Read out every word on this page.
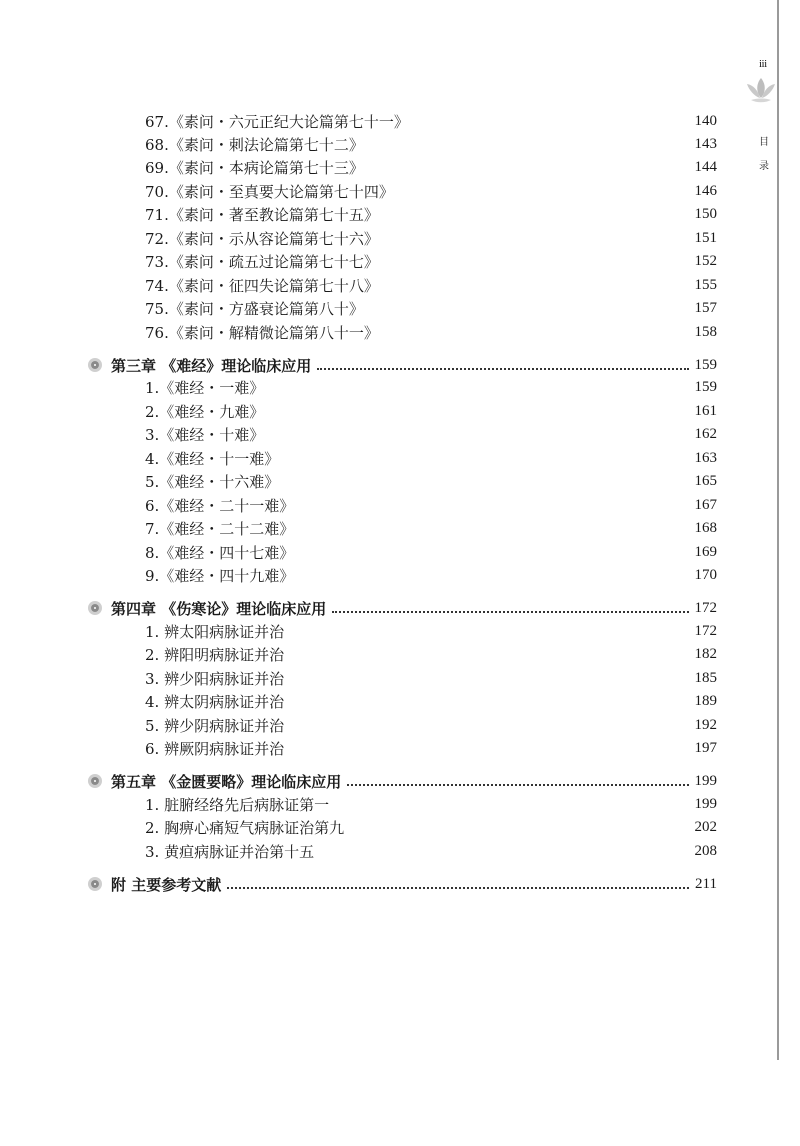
iii
目
录
67.《素问・六元正纪大论篇第七十一》	140
68.《素问・刺法论篇第七十二》	143
69.《素问・本病论篇第七十三》	144
70.《素问・至真要大论篇第七十四》	146
71.《素问・著至教论篇第七十五》	150
72.《素问・示从容论篇第七十六》	151
73.《素问・疏五过论篇第七十七》	152
74.《素问・征四失论篇第七十八》	155
75.《素问・方盛衰论篇第八十》	157
76.《素问・解精微论篇第八十一》	158
第三章 《难经》理论临床应用	159
1.《难经・一难》	159
2.《难经・九难》	161
3.《难经・十难》	162
4.《难经・十一难》	163
5.《难经・十六难》	165
6.《难经・二十一难》	167
7.《难经・二十二难》	168
8.《难经・四十七难》	169
9.《难经・四十九难》	170
第四章 《伤寒论》理论临床应用	172
1. 辨太阳病脉证并治	172
2. 辨阳明病脉证并治	182
3. 辨少阳病脉证并治	185
4. 辨太阴病脉证并治	189
5. 辨少阴病脉证并治	192
6. 辨厥阴病脉证并治	197
第五章 《金匮要略》理论临床应用	199
1. 脏腑经络先后病脉证第一	199
2. 胸痹心痛短气病脉证治第九	202
3. 黄疸病脉证并治第十五	208
附 主要参考文献	211
